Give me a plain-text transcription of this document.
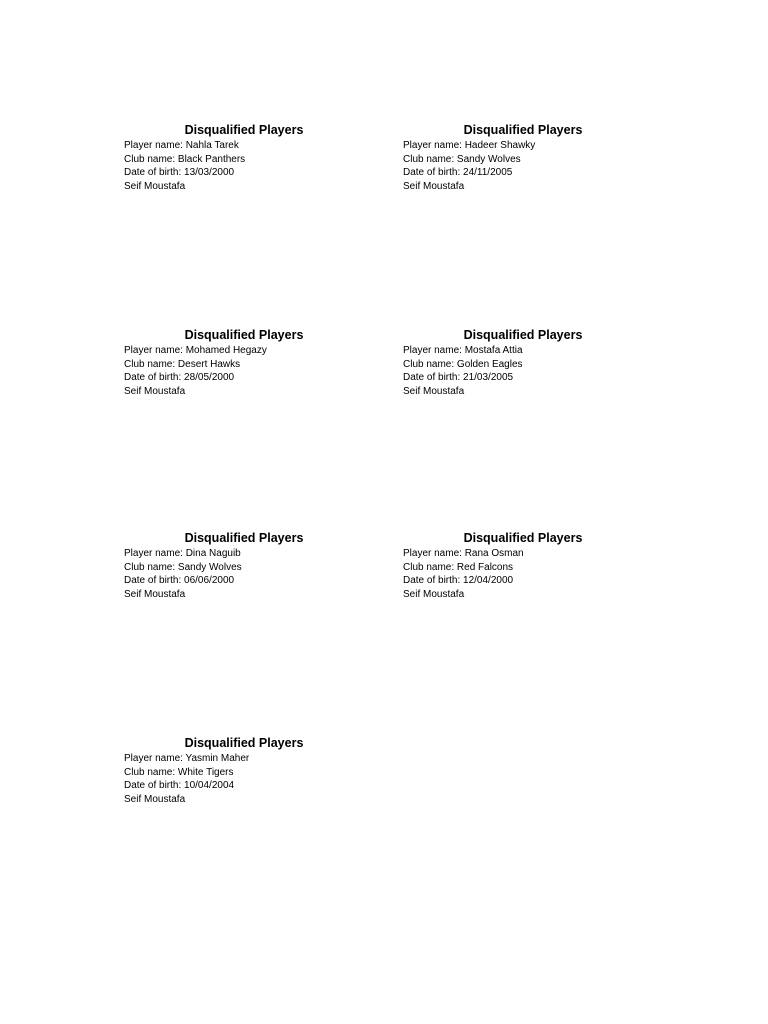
Disqualified Players
Player name: Nahla Tarek
Club name: Black Panthers
Date of birth: 13/03/2000
Seif Moustafa
Disqualified Players
Player name: Hadeer Shawky
Club name: Sandy Wolves
Date of birth: 24/11/2005
Seif Moustafa
Disqualified Players
Player name: Mohamed Hegazy
Club name: Desert Hawks
Date of birth: 28/05/2000
Seif Moustafa
Disqualified Players
Player name: Mostafa Attia
Club name: Golden Eagles
Date of birth: 21/03/2005
Seif Moustafa
Disqualified Players
Player name: Dina Naguib
Club name: Sandy Wolves
Date of birth: 06/06/2000
Seif Moustafa
Disqualified Players
Player name: Rana Osman
Club name: Red Falcons
Date of birth: 12/04/2000
Seif Moustafa
Disqualified Players
Player name: Yasmin Maher
Club name: White Tigers
Date of birth: 10/04/2004
Seif Moustafa
